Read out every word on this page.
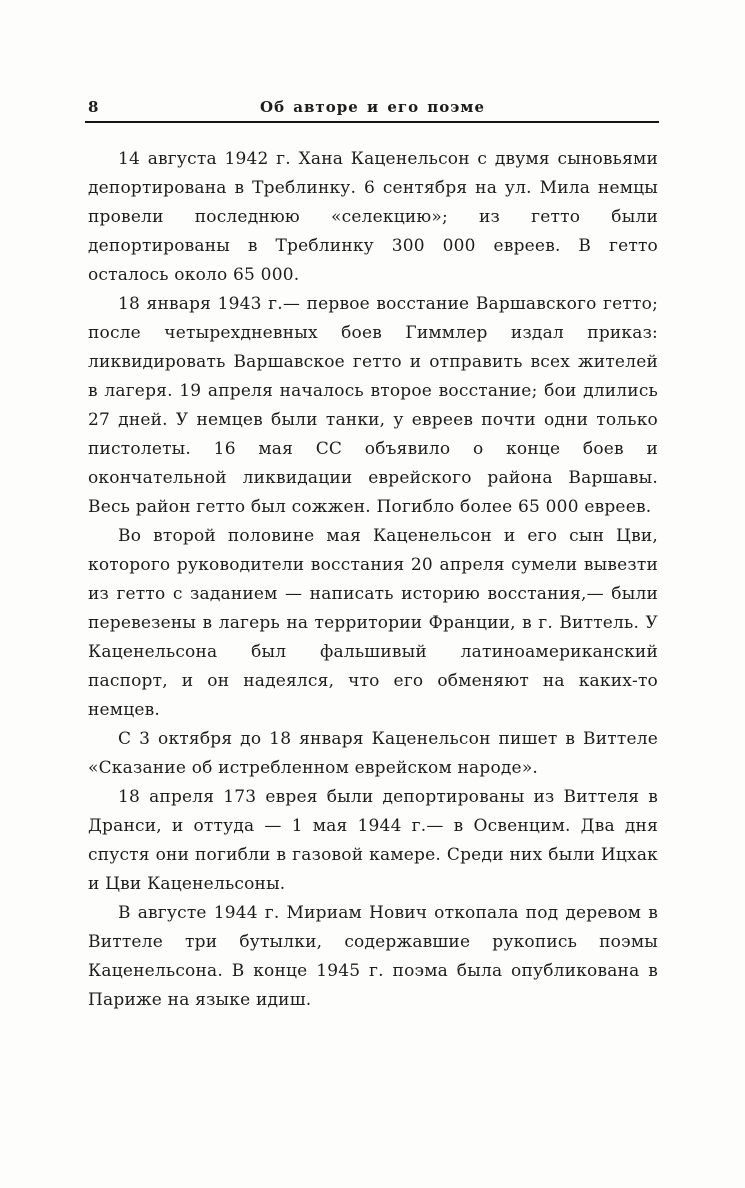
8	Об авторе и его поэме

14 августа 1942 г. Хана Каценельсон с двумя сыновьями депортирована в Треблинку. 6 сентября на ул. Мила немцы провели последнюю «селекцию»; из гетто были депортированы в Треблинку 300 000 евреев. В гетто осталось около 65 000.

18 января 1943 г.— первое восстание Варшавского гетто; после четырехдневных боев Гиммлер издал приказ: ликвидировать Варшавское гетто и отправить всех жителей в лагеря. 19 апреля началось второе восстание; бои длились 27 дней. У немцев были танки, у евреев почти одни только пистолеты. 16 мая СС объявило о конце боев и окончательной ликвидации еврейского района Варшавы. Весь район гетто был сожжен. Погибло более 65 000 евреев.

Во второй половине мая Каценельсон и его сын Цви, которого руководители восстания 20 апреля сумели вывезти из гетто с заданием — написать историю восстания,— были перевезены в лагерь на территории Франции, в г. Виттель. У Каценельсона был фальшивый латиноамериканский паспорт, и он надеялся, что его обменяют на каких-то немцев.

С 3 октября до 18 января Каценельсон пишет в Виттеле «Сказание об истребленном еврейском народе».

18 апреля 173 еврея были депортированы из Виттеля в Дранси, и оттуда — 1 мая 1944 г.— в Освенцим. Два дня спустя они погибли в газовой камере. Среди них были Ицхак и Цви Каценельсоны.

В августе 1944 г. Мириам Нович откопала под деревом в Виттеле три бутылки, содержавшие рукопись поэмы Каценельсона. В конце 1945 г. поэма была опубликована в Париже на языке идиш.
